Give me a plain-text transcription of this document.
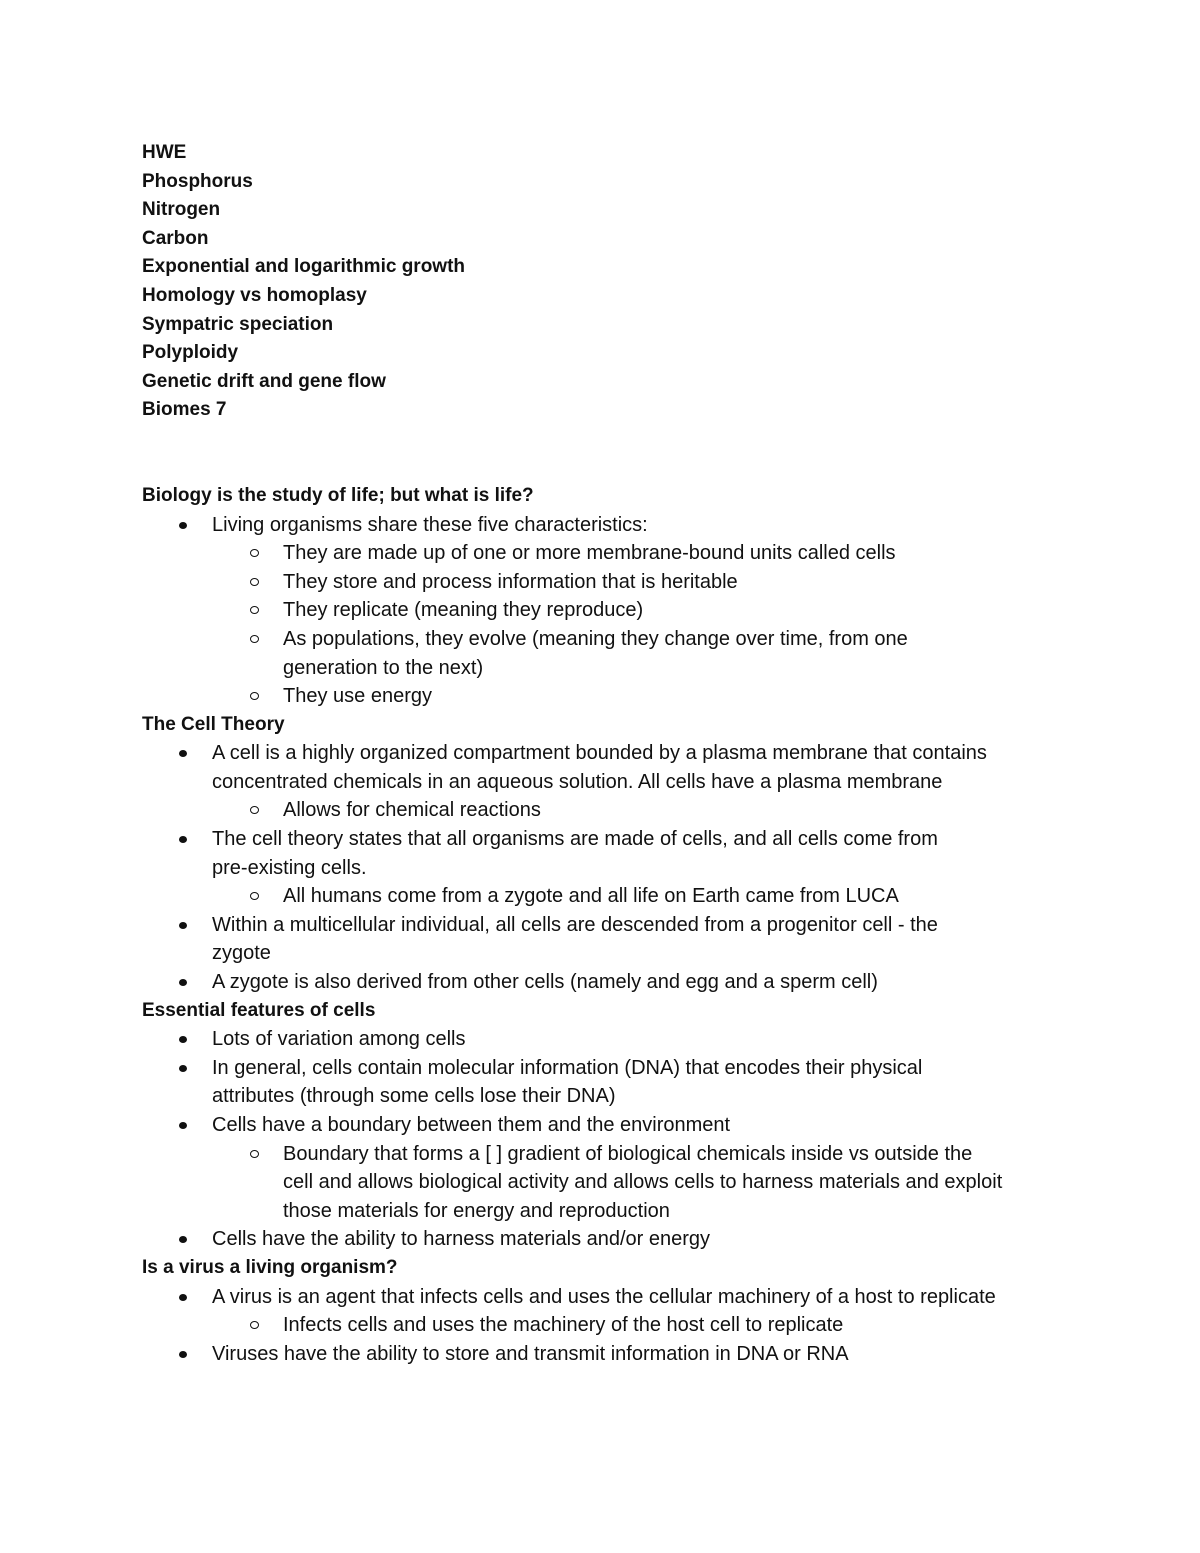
HWE
Phosphorus
Nitrogen
Carbon
Exponential and logarithmic growth
Homology vs homoplasy
Sympatric speciation
Polyploidy
Genetic drift and gene flow
Biomes 7
Biology is the study of life; but what is life?
Living organisms share these five characteristics:
They are made up of one or more membrane-bound units called cells
They store and process information that is heritable
They replicate (meaning they reproduce)
As populations, they evolve (meaning they change over time, from one
generation to the next)
They use energy
The Cell Theory
A cell is a highly organized compartment bounded by a plasma membrane that contains
concentrated chemicals in an aqueous solution. All cells have a plasma membrane
Allows for chemical reactions
The cell theory states that all organisms are made of cells, and all cells come from
pre-existing cells.
All humans come from a zygote and all life on Earth came from LUCA
Within a multicellular individual, all cells are descended from a progenitor cell - the
zygote
A zygote is also derived from other cells (namely and egg and a sperm cell)
Essential features of cells
Lots of variation among cells
In general, cells contain molecular information (DNA) that encodes their physical
attributes (through some cells lose their DNA)
Cells have a boundary between them and the environment
Boundary that forms a [ ] gradient of biological chemicals inside vs outside the
cell and allows biological activity and allows cells to harness materials and exploit
those materials for energy and reproduction
Cells have the ability to harness materials and/or energy
Is a virus a living organism?
A virus is an agent that infects cells and uses the cellular machinery of a host to replicate
Infects cells and uses the machinery of the host cell to replicate
Viruses have the ability to store and transmit information in DNA or RNA
